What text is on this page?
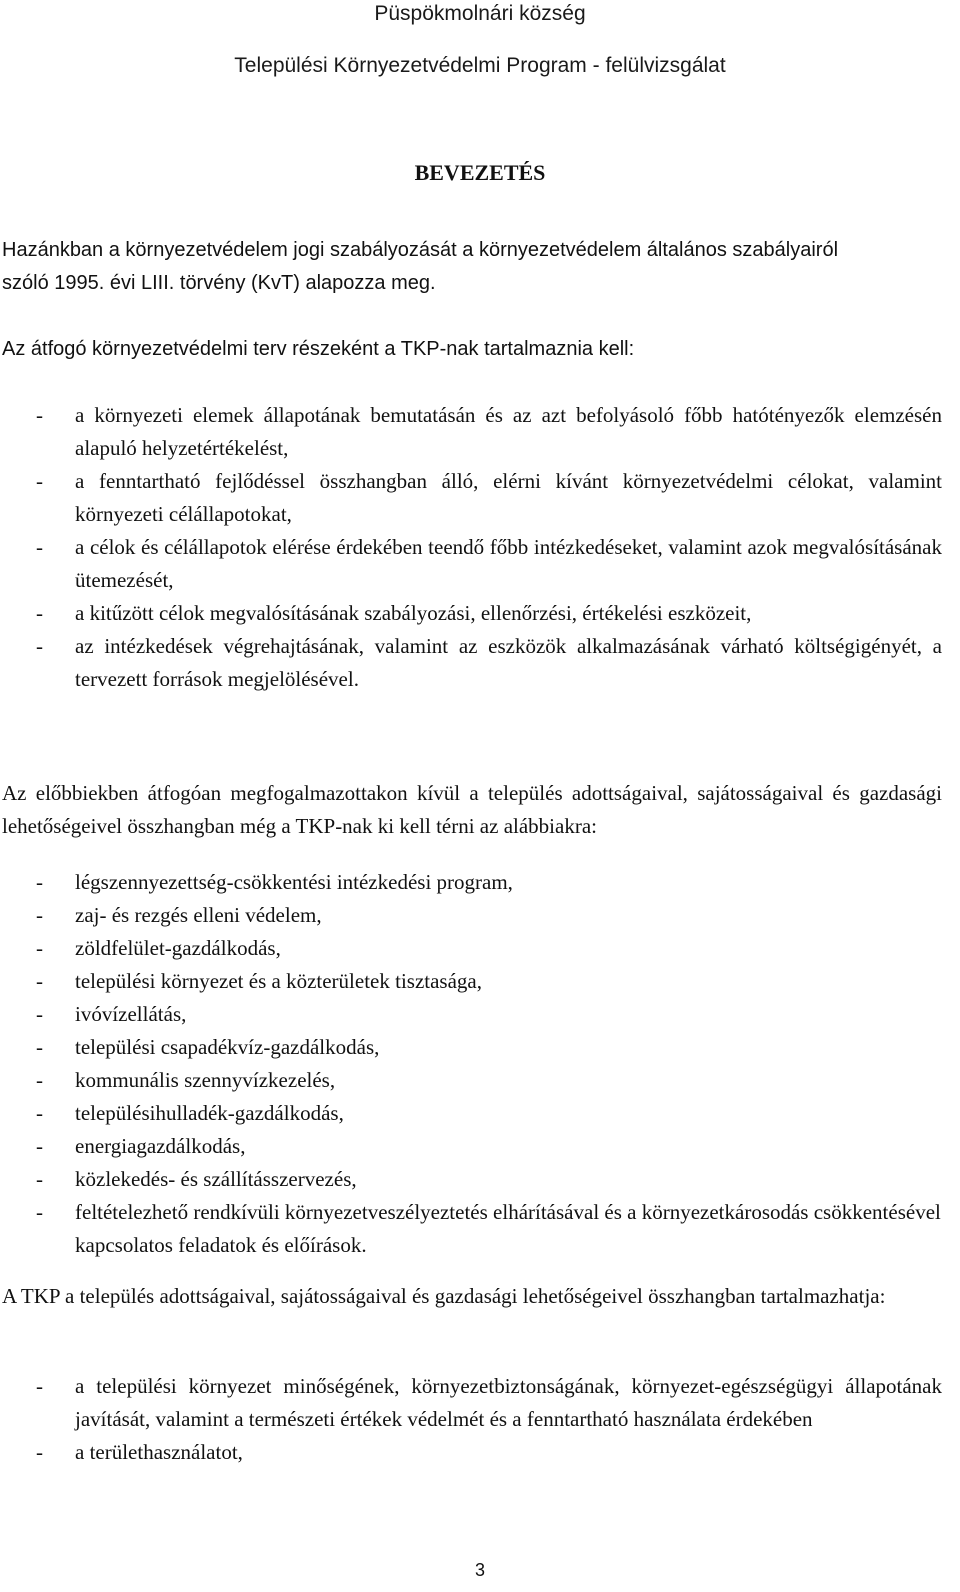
Püspökmolnári község
Települési Környezetvédelmi Program - felülvizsgálat
BEVEZETÉS
Hazánkban a környezetvédelem jogi szabályozását a környezetvédelem általános szabályairól
szóló 1995. évi LIII. törvény (KvT) alapozza meg.
Az átfogó környezetvédelmi terv részeként a TKP-nak tartalmaznia kell:
- a környezeti elemek állapotának bemutatásán és az azt befolyásoló főbb hatótényezők elemzésén alapuló helyzetértékelést,
- a fenntartható fejlődéssel összhangban álló, elérni kívánt környezetvédelmi célokat, valamint környezeti célállapotokat,
- a célok és célállapotok elérése érdekében teendő főbb intézkedéseket, valamint azok megvalósításának ütemezését,
- a kitűzött célok megvalósításának szabályozási, ellenőrzési, értékelési eszközeit,
- az intézkedések végrehajtásának, valamint az eszközök alkalmazásának várható költségigényét, a tervezett források megjelölésével.
Az előbbiekben átfogóan megfogalmazottakon kívül a település adottságaival, sajátosságaival és gazdasági lehetőségeivel összhangban még a TKP-nak ki kell térni az alábbiakra:
- légszennyezettség-csökkentési intézkedési program,
- zaj- és rezgés elleni védelem,
- zöldfelület-gazdálkodás,
- települési környezet és a közterületek tisztasága,
- ivóvízellátás,
- települési csapadékvíz-gazdálkodás,
- kommunális szennyvízkezelés,
- településihulladék-gazdálkodás,
- energiagazdálkodás,
- közlekedés- és szállításszervezés,
- feltételezhető rendkívüli környezetveszélyeztetés elhárításával és a környezetkárosodás csökkentésével kapcsolatos feladatok és előírások.
A TKP a település adottságaival, sajátosságaival és gazdasági lehetőségeivel összhangban tartalmazhatja:
- a települési környezet minőségének, környezetbiztonságának, környezet-egészségügyi állapotának javítását, valamint a természeti értékek védelmét és a fenntartható használata érdekében
- a területhasználatot,
3
